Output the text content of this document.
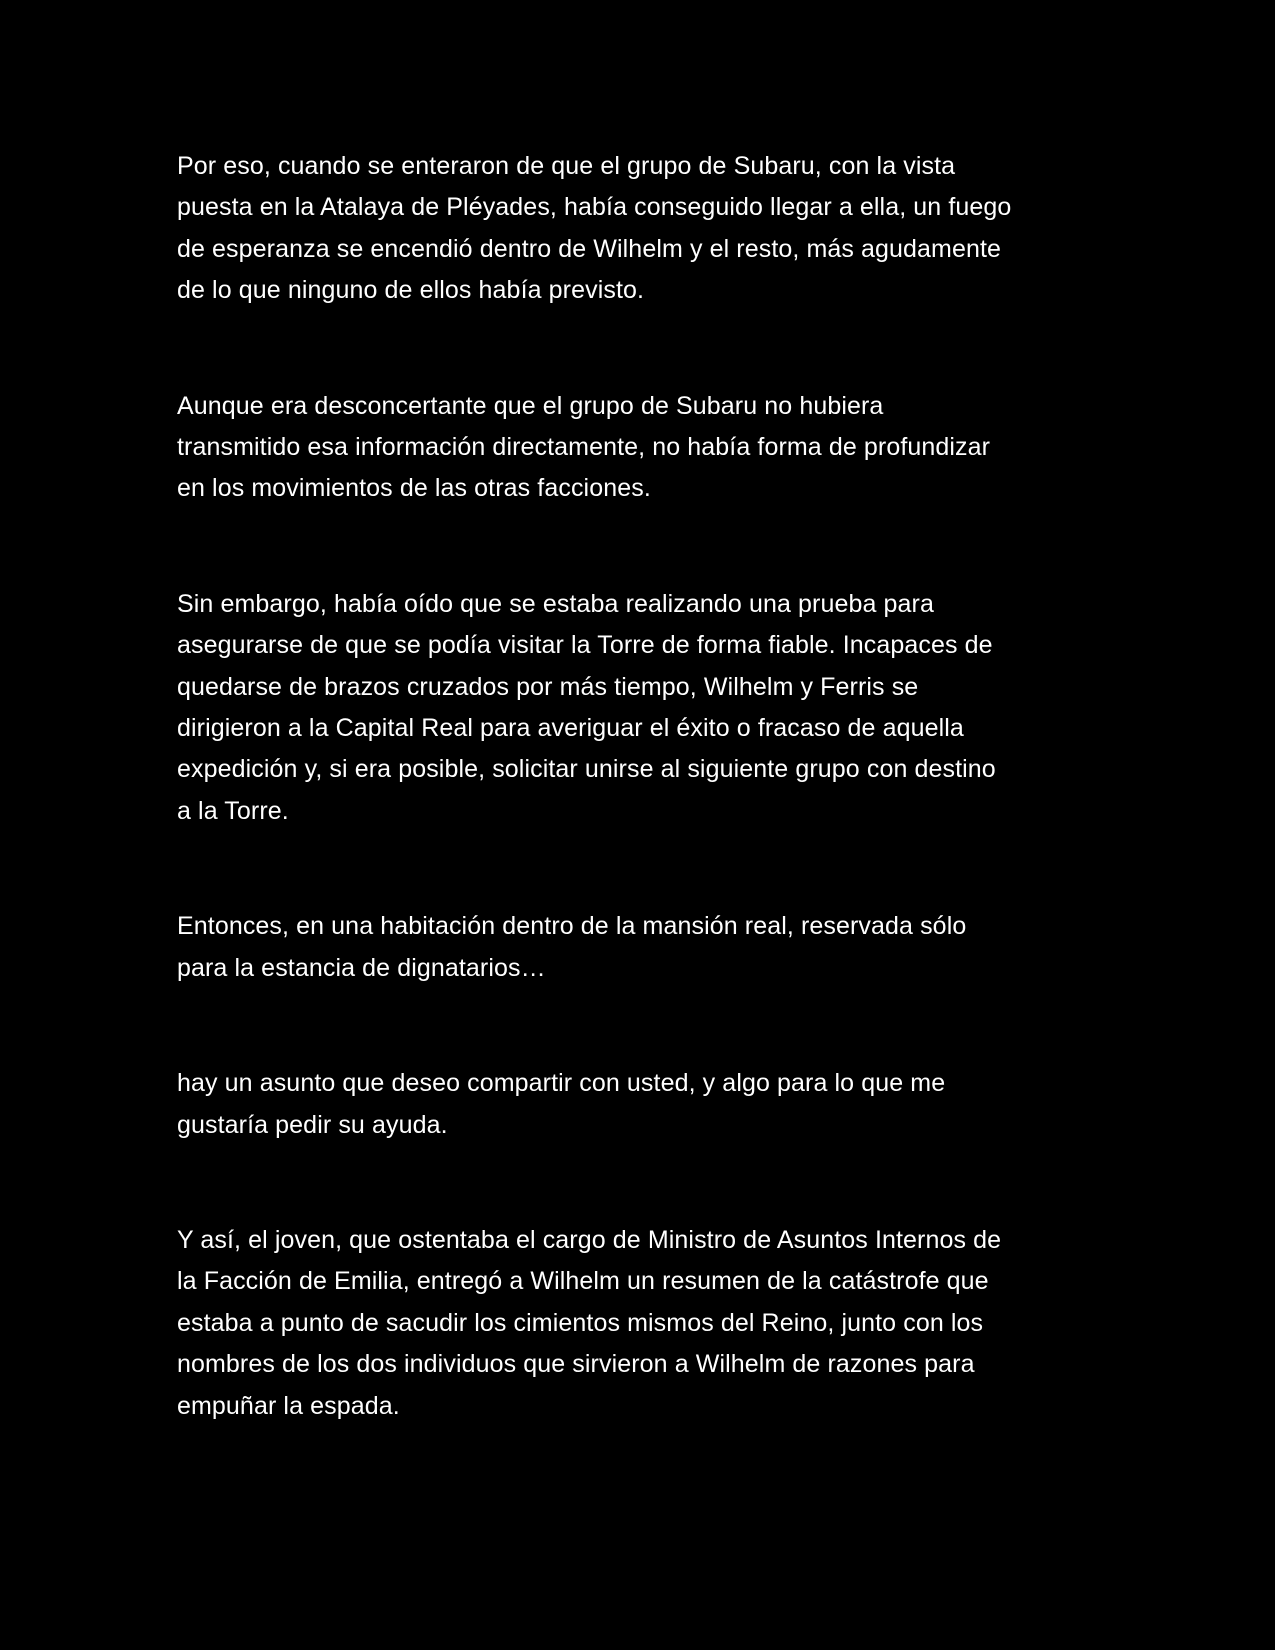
Por eso, cuando se enteraron de que el grupo de Subaru, con la vista
puesta en la Atalaya de Pléyades, había conseguido llegar a ella, un fuego
de esperanza se encendió dentro de Wilhelm y el resto, más agudamente
de lo que ninguno de ellos había previsto.

Aunque era desconcertante que el grupo de Subaru no hubiera
transmitido esa información directamente, no había forma de profundizar
en los movimientos de las otras facciones.

Sin embargo, había oído que se estaba realizando una prueba para
asegurarse de que se podía visitar la Torre de forma fiable. Incapaces de
quedarse de brazos cruzados por más tiempo, Wilhelm y Ferris se
dirigieron a la Capital Real para averiguar el éxito o fracaso de aquella
expedición y, si era posible, solicitar unirse al siguiente grupo con destino
a la Torre.

Entonces, en una habitación dentro de la mansión real, reservada sólo
para la estancia de dignatarios…

hay un asunto que deseo compartir con usted, y algo para lo que me
gustaría pedir su ayuda.

Y así, el joven, que ostentaba el cargo de Ministro de Asuntos Internos de
la Facción de Emilia, entregó a Wilhelm un resumen de la catástrofe que
estaba a punto de sacudir los cimientos mismos del Reino, junto con los
nombres de los dos individuos que sirvieron a Wilhelm de razones para
empuñar la espada.
